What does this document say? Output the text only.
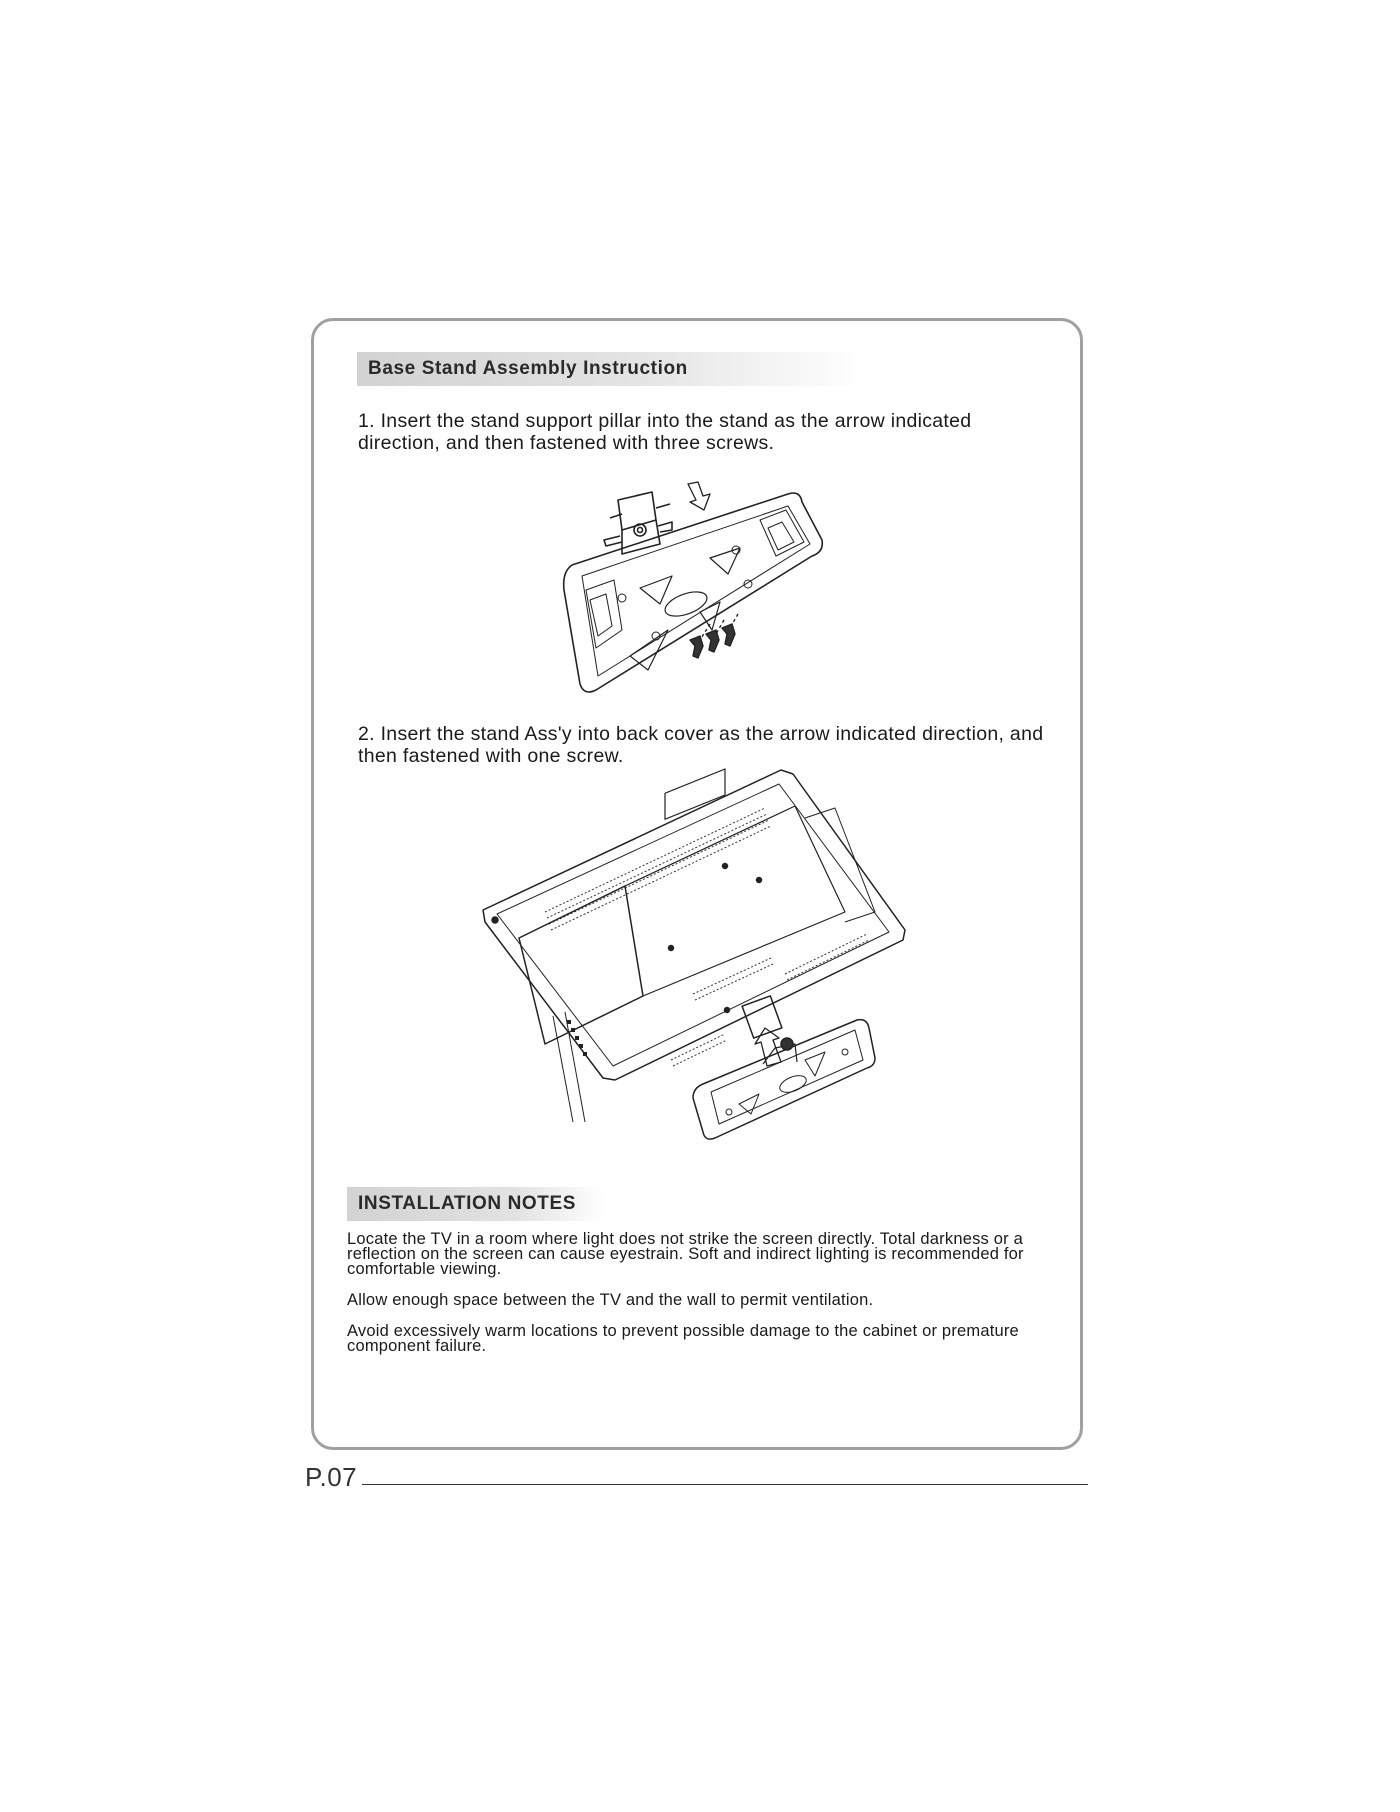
Base Stand Assembly Instruction

1. Insert the stand support pillar into the stand as the arrow indicated direction, and then fastened with three screws.

2. Insert the stand Ass'y into back cover as the arrow indicated direction, and then fastened with one screw.

INSTALLATION NOTES

Locate the TV in a room where light does not strike the screen directly. Total darkness or a reflection on the screen can cause eyestrain. Soft and indirect lighting is recommended for comfortable viewing.

Allow enough space between the TV and the wall to permit ventilation.

Avoid excessively warm locations to prevent possible damage to the cabinet or premature component failure.

P.07
